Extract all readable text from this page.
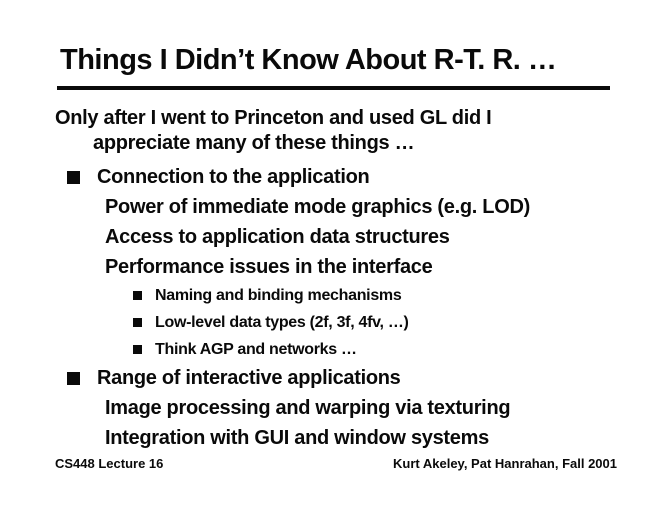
Things I Didn’t Know About R-T. R. …
Only after I went to Princeton and used GL did I
appreciate many of these things …
Connection to the application
Power of immediate mode graphics (e.g. LOD)
Access to application data structures
Performance issues in the interface
Naming and binding mechanisms
Low-level data types (2f, 3f, 4fv, …)
Think AGP and networks …
Range of interactive applications
Image processing and warping via texturing
Integration with GUI and window systems
CS448 Lecture 16	Kurt Akeley, Pat Hanrahan, Fall 2001
